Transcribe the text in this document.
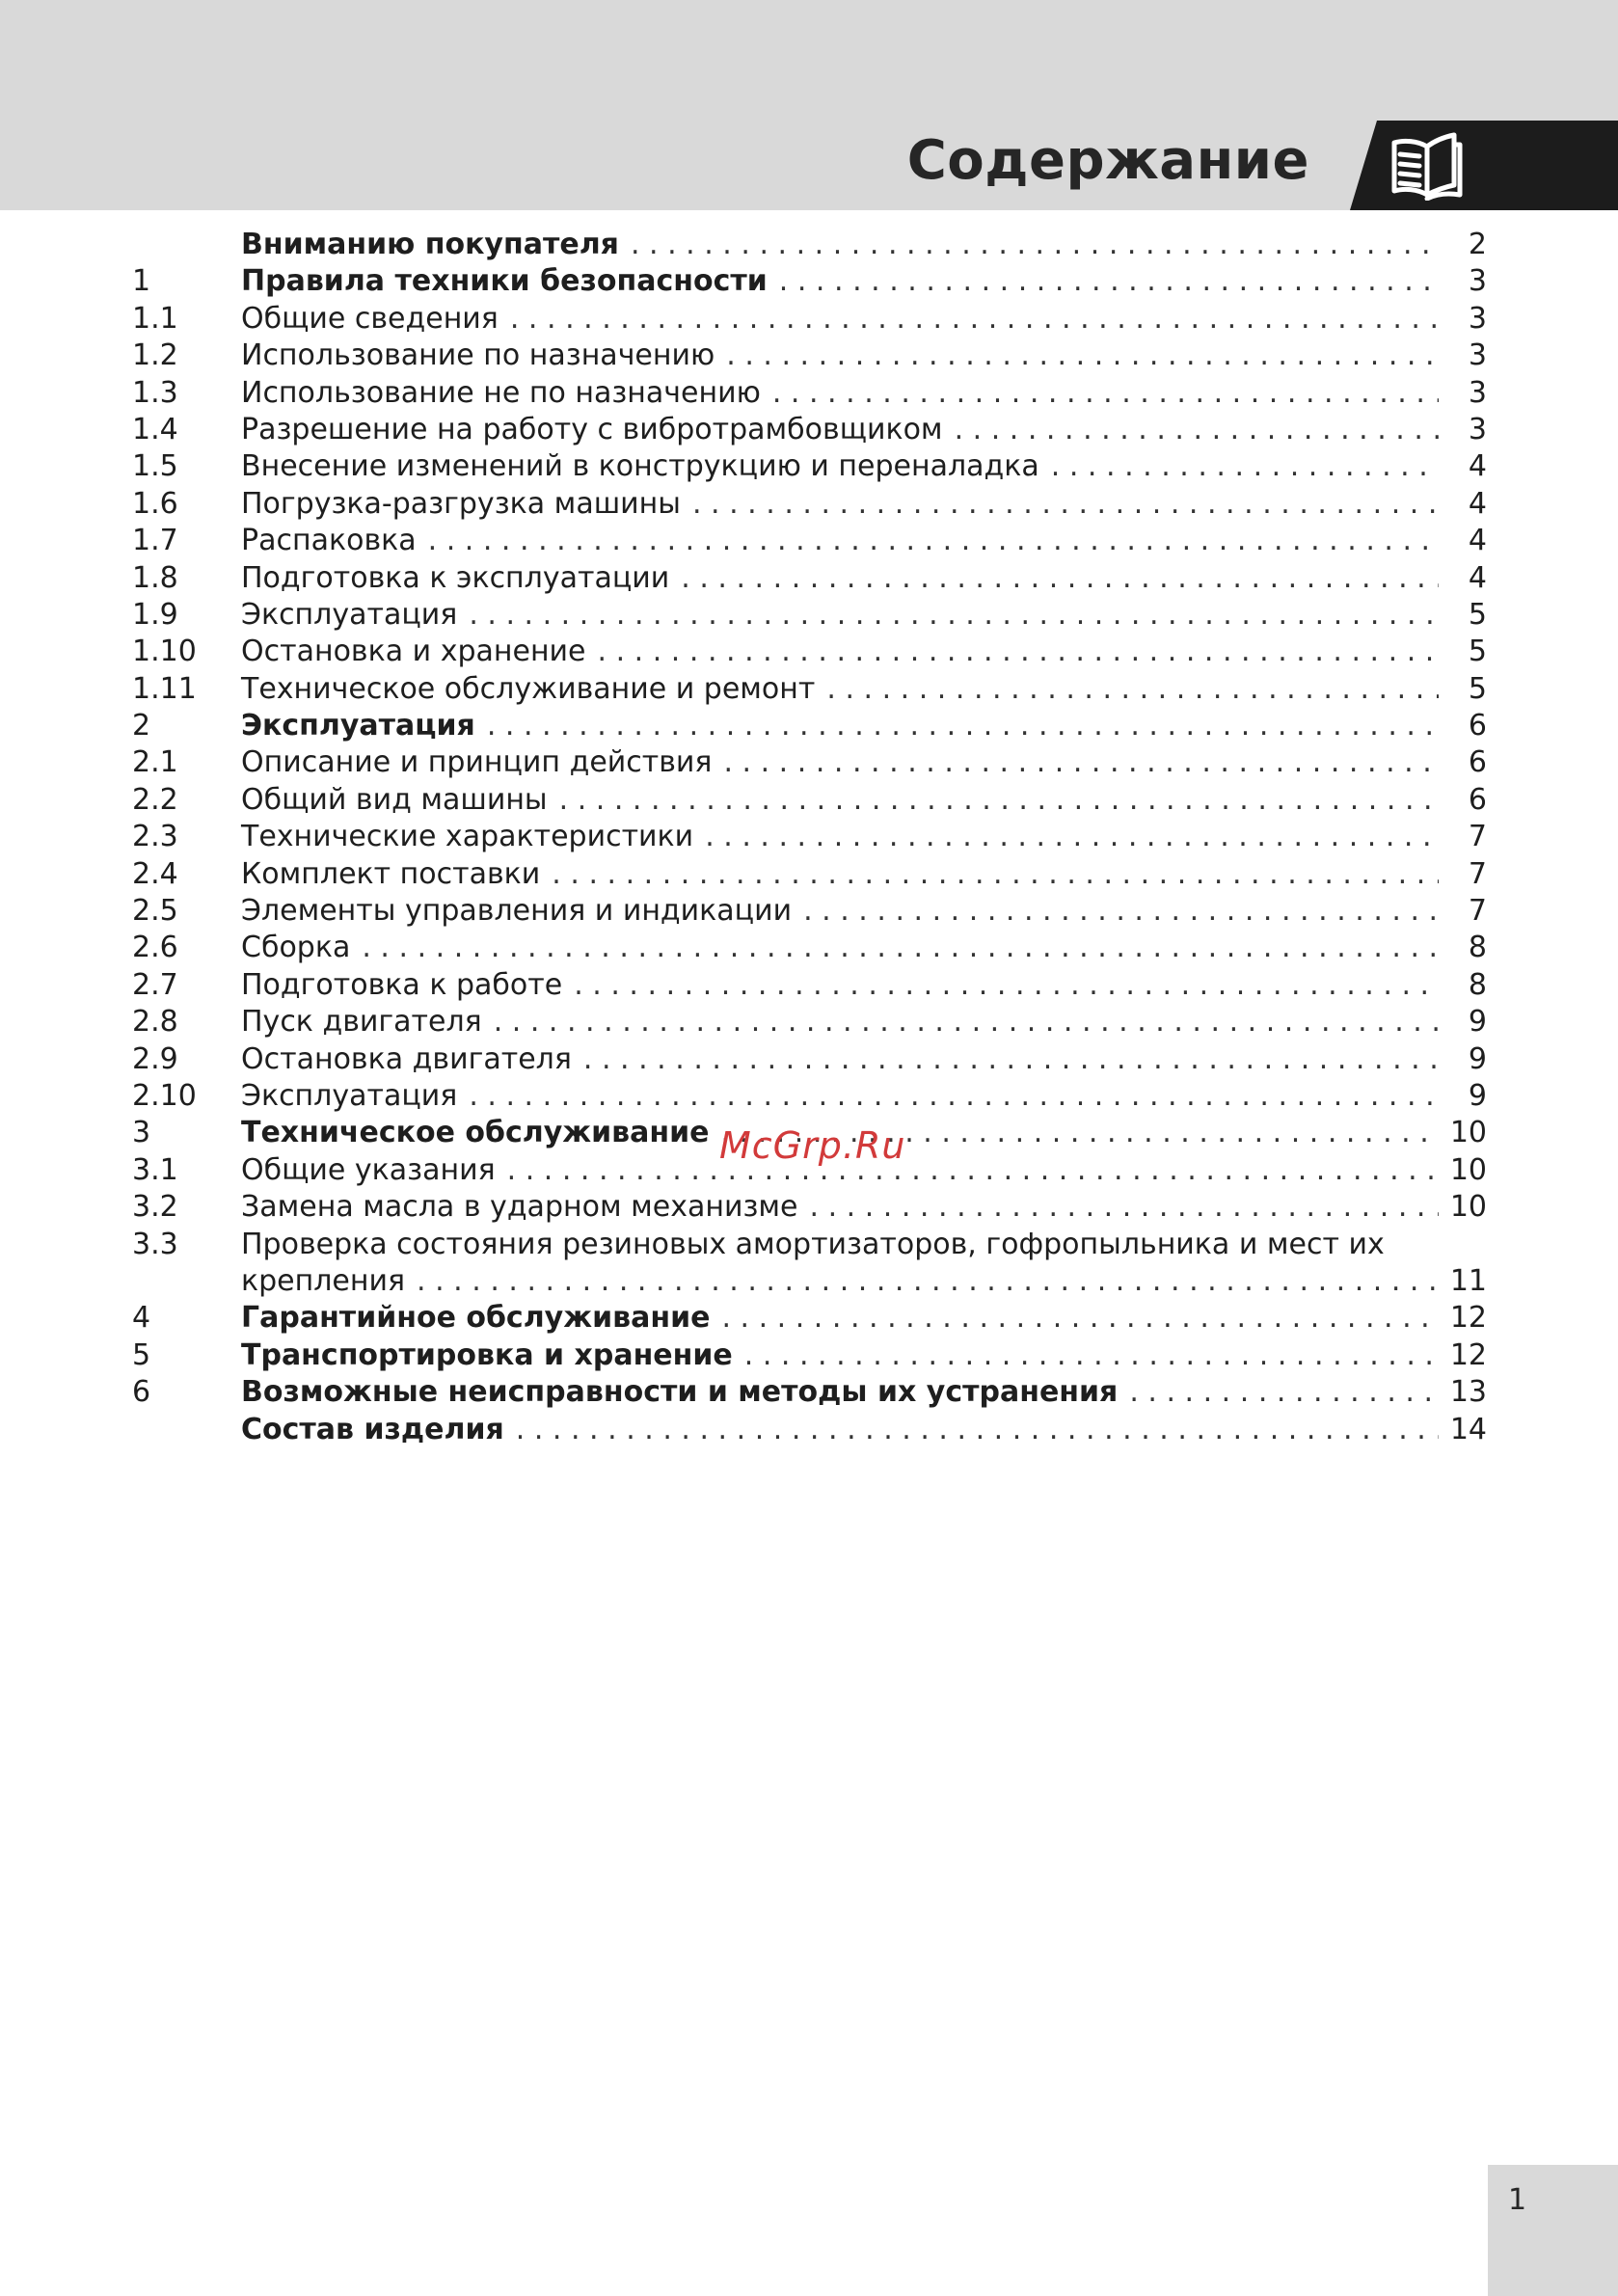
Содержание
Вниманию покупателя . . .	2
1	Правила техники безопасности . . .	3
1.1	Общие сведения . . .	3
1.2	Использование по назначению . . .	3
1.3	Использование не по назначению . . .	3
1.4	Разрешение на работу с вибротрамбовщиком . . .	3
1.5	Внесение изменений в конструкцию и переналадка . . .	4
1.6	Погрузка-разгрузка машины . . .	4
1.7	Распаковка . . .	4
1.8	Подготовка к эксплуатации . . .	4
1.9	Эксплуатация . . .	5
1.10	Остановка и хранение . . .	5
1.11	Техническое обслуживание и ремонт . . .	5
2	Эксплуатация . . .	6
2.1	Описание и принцип действия . . .	6
2.2	Общий вид машины . . .	6
2.3	Технические характеристики . . .	7
2.4	Комплект поставки . . .	7
2.5	Элементы управления и индикации . . .	7
2.6	Сборка . . .	8
2.7	Подготовка к работе . . .	8
2.8	Пуск двигателя . . .	9
2.9	Остановка двигателя . . .	9
2.10	Эксплуатация . . .	9
3	Техническое обслуживание . . .	10
3.1	Общие указания . . .	10
3.2	Замена масла в ударном механизме . . .	10
3.3	Проверка состояния резиновых амортизаторов, гофропыльника и мест их
крепления . . .	11
4	Гарантийное обслуживание . . .	12
5	Транспортировка и хранение . . .	12
6	Возможные неисправности и методы их устранения . . .	13
Состав изделия . . .	14
McGrp.Ru
1
